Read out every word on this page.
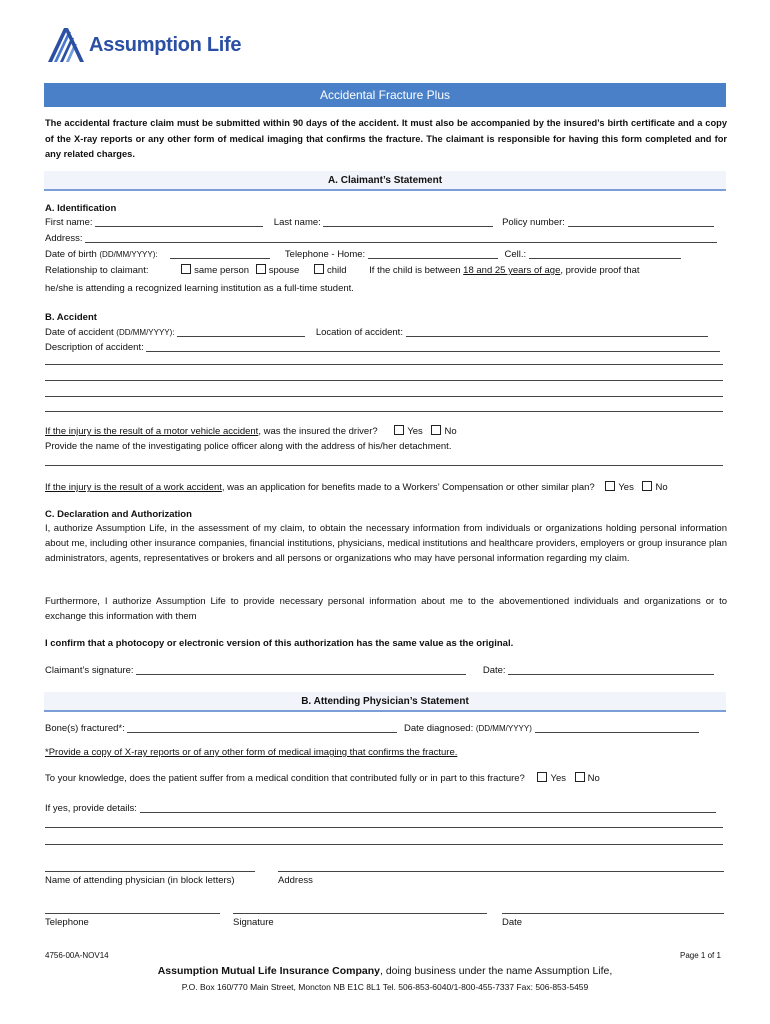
Assumption Life
Accidental Fracture Plus
The accidental fracture claim must be submitted within 90 days of the accident. It must also be accompanied by the insured’s birth certificate and a copy of the X-ray reports or any other form of medical imaging that confirms the fracture. The claimant is responsible for having this form completed and for any related charges.
A. Claimant’s Statement
A. Identification
First name:	Last name:	Policy number:
Address:
Date of birth (DD/MM/YYYY):	Telephone - Home:	Cell.:
Relationship to claimant:	same person spouse	child If the child is between 18 and 25 years of age, provide proof that
he/she is attending a recognized learning institution as a full-time student.
B. Accident
Date of accident (DD/MM/YYYY):	Location of accident:
Description of accident:
If the injury is the result of a motor vehicle accident, was the insured the driver?	Yes No
Provide the name of the investigating police officer along with the address of his/her detachment.
If the injury is the result of a work accident, was an application for benefits made to a Workers’ Compensation or other similar plan? Yes No
C. Declaration and Authorization
I, authorize Assumption Life, in the assessment of my claim, to obtain the necessary information from individuals or organizations holding personal information about me, including other insurance companies, financial institutions, physicians, medical institutions and healthcare providers, employers or group insurance plan administrators, agents, representatives or brokers and all persons or organizations who may have personal information regarding my claim.
Furthermore, I authorize Assumption Life to provide necessary personal information about me to the abovementioned individuals and organizations or to exchange this information with them
I confirm that a photocopy or electronic version of this authorization has the same value as the original.
Claimant’s signature:	Date:
B. Attending Physician’s Statement
Bone(s) fractured*:	Date diagnosed: (DD/MM/YYYY)
*Provide a copy of X-ray reports or of any other form of medical imaging that confirms the fracture.
To your knowledge, does the patient suffer from a medical condition that contributed fully or in part to this fracture?	Yes No
If yes, provide details:
Name of attending physician (in block letters)	Address
Telephone	Signature	Date
4756-00A-NOV14	Page 1 of 1
Assumption Mutual Life Insurance Company, doing business under the name Assumption Life,
P.O. Box 160/770 Main Street, Moncton NB E1C 8L1 Tel. 506-853-6040/1-800-455-7337 Fax: 506-853-5459
